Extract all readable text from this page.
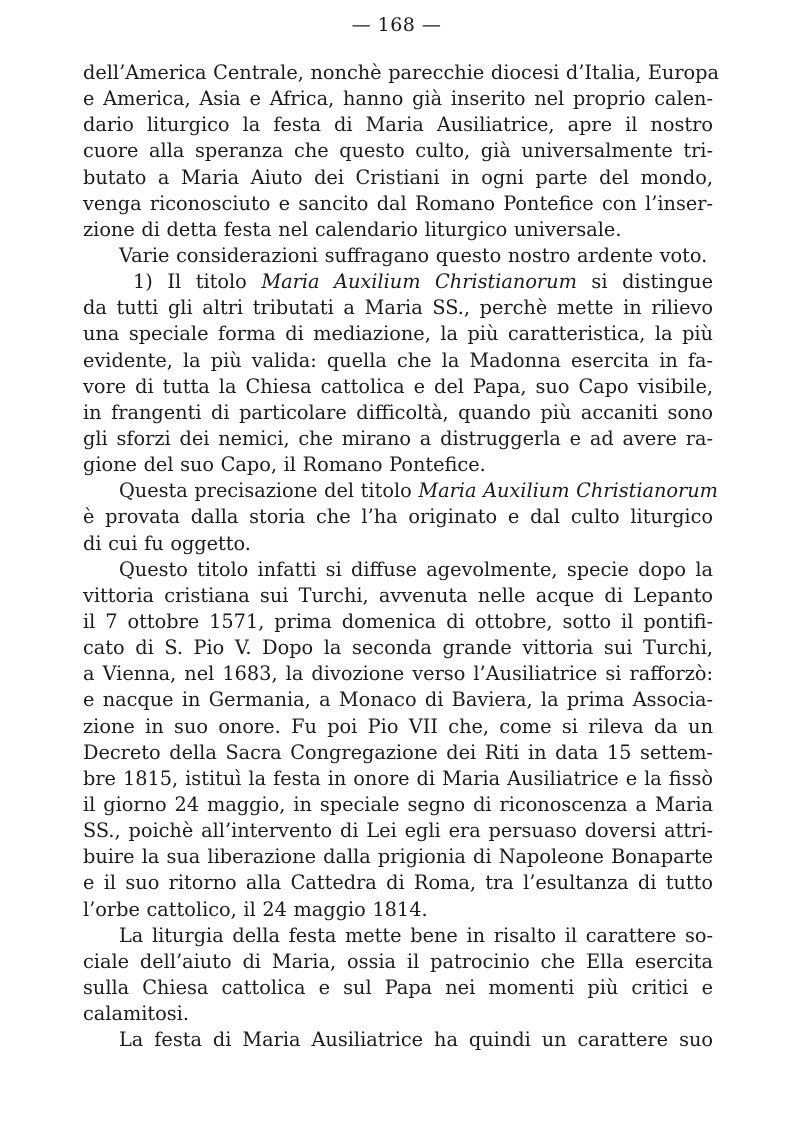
— 168 —
dell’America Centrale, nonchè parecchie diocesi d’Italia, Europa
e America, Asia e Africa, hanno già inserito nel proprio calen-
dario liturgico la festa di Maria Ausiliatrice, apre il nostro
cuore alla speranza che questo culto, già universalmente tri-
butato a Maria Aiuto dei Cristiani in ogni parte del mondo,
venga riconosciuto e sancito dal Romano Pontefice con l’inser-
zione di detta festa nel calendario liturgico universale.
Varie considerazioni suffragano questo nostro ardente voto.
1) Il titolo Maria Auxilium Christianorum si distingue
da tutti gli altri tributati a Maria SS., perchè mette in rilievo
una speciale forma di mediazione, la più caratteristica, la più
evidente, la più valida: quella che la Madonna esercita in fa-
vore di tutta la Chiesa cattolica e del Papa, suo Capo visibile,
in frangenti di particolare difficoltà, quando più accaniti sono
gli sforzi dei nemici, che mirano a distruggerla e ad avere ra-
gione del suo Capo, il Romano Pontefice.
Questa precisazione del titolo Maria Auxilium Christianorum
è provata dalla storia che l’ha originato e dal culto liturgico
di cui fu oggetto.
Questo titolo infatti si diffuse agevolmente, specie dopo la
vittoria cristiana sui Turchi, avvenuta nelle acque di Lepanto
il 7 ottobre 1571, prima domenica di ottobre, sotto il pontifi-
cato di S. Pio V. Dopo la seconda grande vittoria sui Turchi,
a Vienna, nel 1683, la divozione verso l’Ausiliatrice si rafforzò:
e nacque in Germania, a Monaco di Baviera, la prima Associa-
zione in suo onore. Fu poi Pio VII che, come si rileva da un
Decreto della Sacra Congregazione dei Riti in data 15 settem-
bre 1815, istituì la festa in onore di Maria Ausiliatrice e la fissò
il giorno 24 maggio, in speciale segno di riconoscenza a Maria
SS., poichè all’intervento di Lei egli era persuaso doversi attri-
buire la sua liberazione dalla prigionia di Napoleone Bonaparte
e il suo ritorno alla Cattedra di Roma, tra l’esultanza di tutto
l’orbe cattolico, il 24 maggio 1814.
La liturgia della festa mette bene in risalto il carattere so-
ciale dell’aiuto di Maria, ossia il patrocinio che Ella esercita
sulla Chiesa cattolica e sul Papa nei momenti più critici e
calamitosi.
La festa di Maria Ausiliatrice ha quindi un carattere suo
